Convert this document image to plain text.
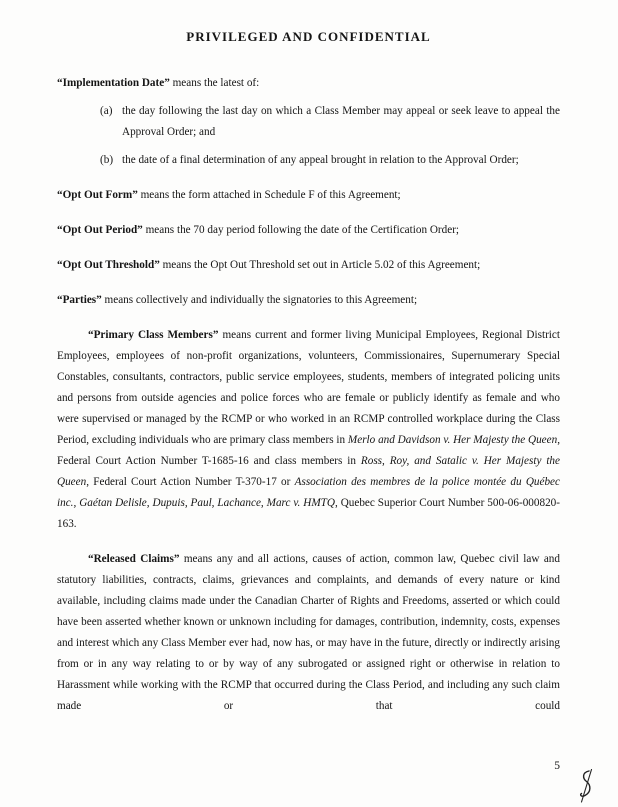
PRIVILEGED AND CONFIDENTIAL

“Implementation Date” means the latest of:

(a) the day following the last day on which a Class Member may appeal or seek leave to appeal the Approval Order; and

(b) the date of a final determination of any appeal brought in relation to the Approval Order;

“Opt Out Form” means the form attached in Schedule F of this Agreement;

“Opt Out Period” means the 70 day period following the date of the Certification Order;

“Opt Out Threshold” means the Opt Out Threshold set out in Article 5.02 of this Agreement;

“Parties” means collectively and individually the signatories to this Agreement;

“Primary Class Members” means current and former living Municipal Employees, Regional District Employees, employees of non-profit organizations, volunteers, Commissionaires, Supernumerary Special Constables, consultants, contractors, public service employees, students, members of integrated policing units and persons from outside agencies and police forces who are female or publicly identify as female and who were supervised or managed by the RCMP or who worked in an RCMP controlled workplace during the Class Period, excluding individuals who are primary class members in Merlo and Davidson v. Her Majesty the Queen, Federal Court Action Number T-1685-16 and class members in Ross, Roy, and Satalic v. Her Majesty the Queen, Federal Court Action Number T-370-17 or Association des membres de la police montée du Québec inc., Gaétan Delisle, Dupuis, Paul, Lachance, Marc v. HMTQ, Quebec Superior Court Number 500-06-000820-163.

“Released Claims” means any and all actions, causes of action, common law, Quebec civil law and statutory liabilities, contracts, claims, grievances and complaints, and demands of every nature or kind available, including claims made under the Canadian Charter of Rights and Freedoms, asserted or which could have been asserted whether known or unknown including for damages, contribution, indemnity, costs, expenses and interest which any Class Member ever had, now has, or may have in the future, directly or indirectly arising from or in any way relating to or by way of any subrogated or assigned right or otherwise in relation to Harassment while working with the RCMP that occurred during the Class Period, and including any such claim made or that could

5
